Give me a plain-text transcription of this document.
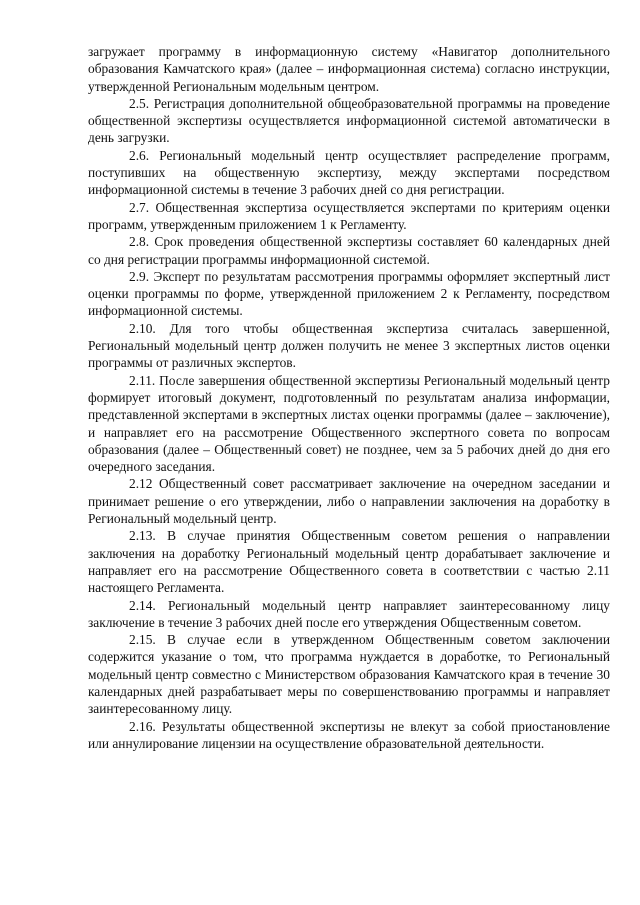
загружает программу в информационную систему «Навигатор дополнительного образования Камчатского края» (далее – информационная система) согласно инструкции, утвержденной Региональным модельным центром.

2.5. Регистрация дополнительной общеобразовательной программы на проведение общественной экспертизы осуществляется информационной системой автоматически в день загрузки.

2.6. Региональный модельный центр осуществляет распределение программ, поступивших на общественную экспертизу, между экспертами посредством информационной системы в течение 3 рабочих дней со дня регистрации.

2.7. Общественная экспертиза осуществляется экспертами по критериям оценки программ, утвержденным приложением 1 к Регламенту.

2.8. Срок проведения общественной экспертизы составляет 60 календарных дней со дня регистрации программы информационной системой.

2.9. Эксперт по результатам рассмотрения программы оформляет экспертный лист оценки программы по форме, утвержденной приложением 2 к Регламенту, посредством информационной системы.

2.10. Для того чтобы общественная экспертиза считалась завершенной, Региональный модельный центр должен получить не менее 3 экспертных листов оценки программы от различных экспертов.

2.11. После завершения общественной экспертизы Региональный модельный центр формирует итоговый документ, подготовленный по результатам анализа информации, представленной экспертами в экспертных листах оценки программы (далее – заключение), и направляет его на рассмотрение Общественного экспертного совета по вопросам образования (далее – Общественный совет) не позднее, чем за 5 рабочих дней до дня его очередного заседания.

2.12 Общественный совет рассматривает заключение на очередном заседании и принимает решение о его утверждении, либо о направлении заключения на доработку в Региональный модельный центр.

2.13. В случае принятия Общественным советом решения о направлении заключения на доработку Региональный модельный центр дорабатывает заключение и направляет его на рассмотрение Общественного совета в соответствии с частью 2.11 настоящего Регламента.

2.14. Региональный модельный центр направляет заинтересованному лицу заключение в течение 3 рабочих дней после его утверждения Общественным советом.

2.15. В случае если в утвержденном Общественным советом заключении содержится указание о том, что программа нуждается в доработке, то Региональный модельный центр совместно с Министерством образования Камчатского края в течение 30 календарных дней разрабатывает меры по совершенствованию программы и направляет заинтересованному лицу.

2.16. Результаты общественной экспертизы не влекут за собой приостановление или аннулирование лицензии на осуществление образовательной деятельности.
